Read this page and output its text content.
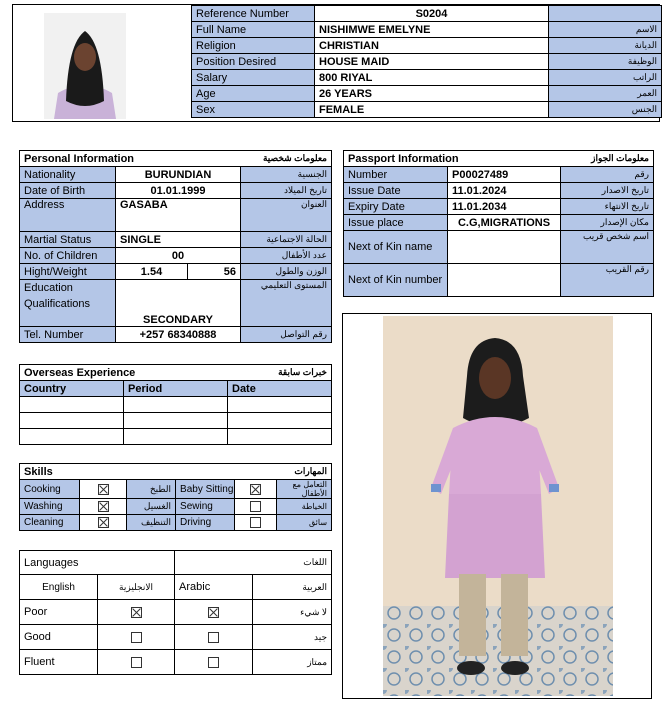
Reference Number	S0204	
Full Name	NISHIMWE EMELYNE	الاسم
Religion	CHRISTIAN	الديانة
Position Desired	HOUSE MAID	الوظيفة
Salary	800 RIYAL	الراتب
Age	26 YEARS	العمر
Sex	FEMALE	الجنس
Personal Information		معلومات شخصية	
Nationality	BURUNDIAN		الجنسية
Date of Birth	01.01.1999		تاريخ الميلاد
Address	GASABA		العنوان
Martial Status	SINGLE		الحالة الاجتماعية
No. of Children	00		عدد الأطفال
Hight/Weight	1.54	56	الوزن والطول
Education Qualifications	SECONDARY		المستوى التعليمي
Tel. Number	+257 68340888		رقم التواصل
Passport Information		معلومات الجواز
Number	P00027489	رقم
Issue Date	11.01.2024	تاريخ الاصدار
Expiry Date	11.01.2034	تاريخ الانتهاء
Issue place	C.G,MIGRATIONS	مكان الإصدار
Next of Kin name		اسم شخص قريب
Next of Kin number		رقم القريب
Overseas Experience		خبرات سابقة
Country	Period	Date

Skills			المهارات		
Cooking		الطبخ	Baby Sitting		التعامل مع الأطفال
Washing		الغسيل	Sewing		الخياطة
Cleaning		التنظيف	Driving		سائق
Languages		اللغات	
English	الانجليزية	Arabic	العربية
Poor			لا شيء
Good			جيد
Fluent			ممتاز
